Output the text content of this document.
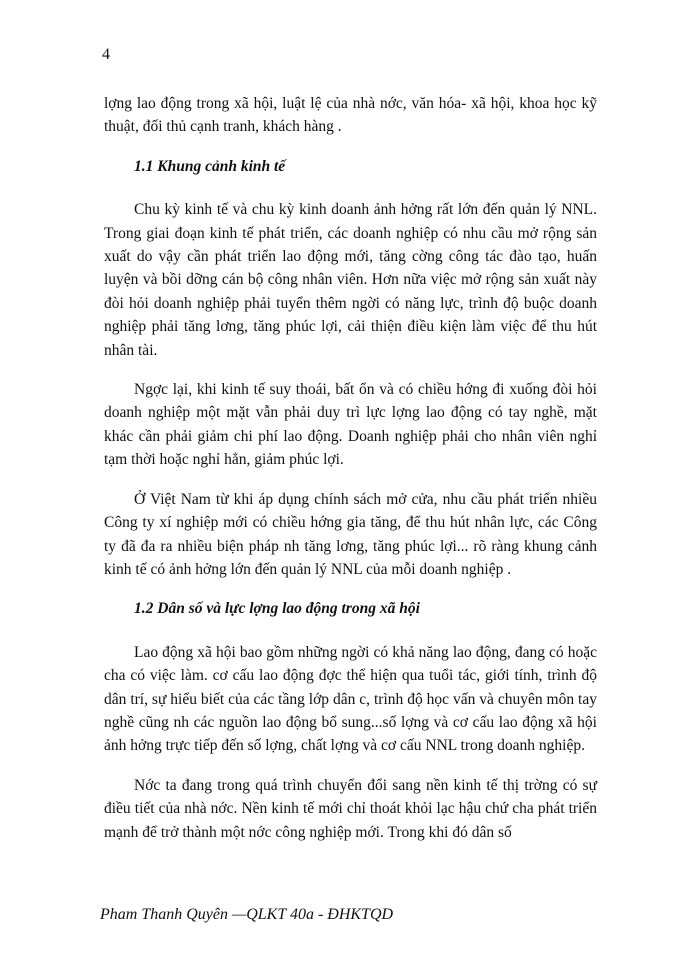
4

lợng lao động trong xã hội, luật lệ của nhà nớc, văn hóa- xã hội, khoa học kỹ thuật, đối thủ cạnh tranh, khách hàng .

1.1 Khung cảnh kinh tế

Chu kỳ kinh tế và chu kỳ kinh doanh ảnh hởng rất lớn đến quản lý NNL. Trong giai đoạn kinh tế phát triển, các doanh nghiệp có nhu cầu mở rộng sản xuất do vậy cần phát triển lao động mới, tăng cờng công tác đào tạo, huấn luyện và bồi dỡng cán bộ công nhân viên. Hơn nữa việc mở rộng sản xuất này đòi hỏi doanh nghiệp phải tuyển thêm ngời có năng lực, trình độ buộc doanh nghiệp phải tăng lơng, tăng phúc lợi, cải thiện điều kiện làm việc để thu hút nhân tài.

Ngợc lại, khi kinh tế suy thoái, bất ổn và có chiều hớng đi xuống đòi hỏi doanh nghiệp một mặt vẫn phải duy trì lực lợng lao động có tay nghề, mặt khác cần phải giảm chi phí lao động. Doanh nghiệp phải cho nhân viên nghỉ tạm thời hoặc nghỉ hẳn, giảm phúc lợi.

Ở Việt Nam từ khi áp dụng chính sách mở cửa, nhu cầu phát triển nhiều Công ty xí nghiệp mới có chiều hớng gia tăng, để thu hút nhân lực, các Công ty đã đa ra nhiều biện pháp nh tăng lơng, tăng phúc lợi... rõ ràng khung cảnh kinh tế có ảnh hởng lớn đến quản lý NNL của mỗi doanh nghiệp .

1.2 Dân số và lực lợng lao động trong xã hội

Lao động xã hội bao gồm những ngời có khả năng lao động, đang có hoặc cha có việc làm. cơ cấu lao động đợc thể hiện qua tuổi tác, giới tính, trình độ dân trí, sự hiểu biết của các tầng lớp dân c, trình độ học vấn và chuyên môn tay nghề cũng nh các nguồn lao động bổ sung...số lợng và cơ cấu lao động xã hội ảnh hởng trực tiếp đến số lợng, chất lợng và cơ cấu NNL trong doanh nghiệp.

Nớc ta đang trong quá trình chuyển đổi sang nền kinh tế thị trờng có sự điều tiết của nhà nớc. Nền kinh tế mới chỉ thoát khỏi lạc hậu chứ cha phát triển mạnh để trở thành một nớc công nghiệp mới. Trong khi đó dân số

Pham Thanh Quyên —QLKT 40a - ĐHKTQD
